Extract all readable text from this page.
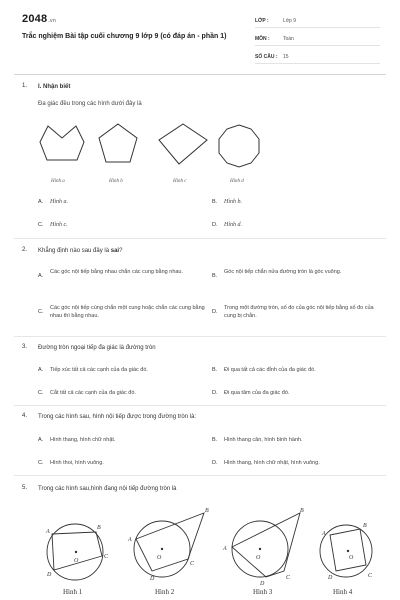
2048.vn
Trắc nghiệm Bài tập cuối chương 9 lớp 9 (có đáp án - phần 1)
LỚP :	Lớp 9
MÔN :	Toán
SỐ CÂU :	15
1. I. Nhận biết
Đa giác đều trong các hình dưới đây là
Hình a	Hình b	Hình c	Hình d
A.	Hình a.	B.	Hình b.
C.	Hình c.	D.	Hình d.
2. Khẳng định nào sau đây là sai?
A.
Các góc nội tiếp bằng nhau chắn các cung bằng nhau.
B.
Góc nội tiếp chắn nửa đường tròn là góc vuông.
C.
Các góc nội tiếp cùng chắn một cung hoặc chắn các cung bằng nhau thì bằng nhau.
D.
Trong một đường tròn, số đo của góc nội tiếp bằng số đo của cung bị chắn.
3. Đường tròn ngoại tiếp đa giác là đường tròn
A.	Tiếp xúc tất cả các cạnh của đa giác đó.	B.	Đi qua tất cả các đỉnh của đa giác đó.
C.	Cắt tất cả các cạnh của đa giác đó.	D.	Đi qua tâm của đa giác đó.
4. Trong các hình sau, hình nội tiếp được trong đường tròn là:
A.	Hình thang, hình chữ nhật.	B.	Hình thang cân, hình bình hành.
C.	Hình thoi, hình vuông.	D.	Hình thang, hình chữ nhật, hình vuông.
5. Trong các hình sau,hình đang nội tiếp đường tròn là
A
B
C
D
O
A
B
C
D
O
A
B
C
D
O
A
B
C
D
O
Hình 1	Hình 2	Hình 3	Hình 4
